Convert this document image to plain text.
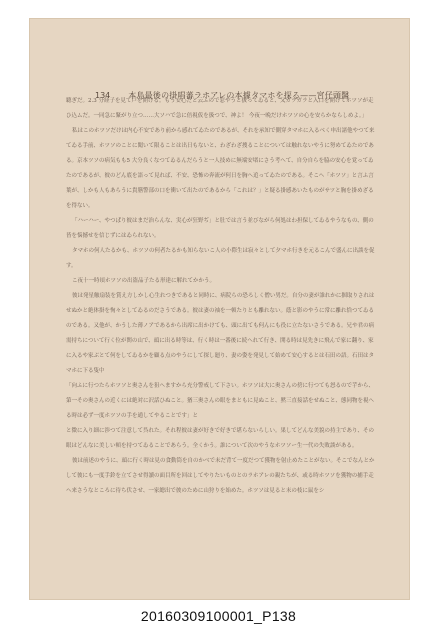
134 本島最後の掛唱蕃ラホアレの本據タマホを探る——宮仔頭醫

聽ぎだ。2.3 分経子を見て戸を開ける。もう安心だと云ふので窓やうと扱ってゐると、又ガラガラと入口を開けてホツソが走ひ込ムだ。一同急に緊がり立つ……大ソハで急に倍視仮を扱つで、神よ！ 今夜一晩だけホツソの心を安らかならしめよ。」

私はこのホツソだけは内心不安であり前から感れてゐたのであるが、それを承知で側穿タマホに入るべく申出諸他やつて来てゐる手前、ホツソのことに聞いて限ることは出日もないと、わざわざ捜ることについては触れないやうに努めてゐたのである。京本ツソの病気もも5 大分良くなつてゐるんだらうと一人技めに無端安堵にさう考へて、自分自らを脇の安心を覚ってゐたのであるが、彼のどん底を語って見れば、不安、恐怖の奔流が何日を胸へ追ってゐたのである。そこへ「ホツソ」と言ふ言葉が、しかも人もあらうに貴膳警部の口を衝いて出たのであるから「これは？」と疑る掛感あいたものがサツと胸を掛めざるを得ない。

「ハーハー、やつぱり彼はまだ治らんな、実心が狂野ぢ」と肚では言う並びながら何処はわ担保してゐるやうなもの、側の皆を悩撼せを信じずにはゐられない。

タマホの何人たるかも、ホツソの何者たるかも知らないこ人の小際生は寂々として夕マホ行きを元るこんで盛んに出談を促す。

こ夜十一時頃ホツソの出盗品子たる形達に解れてかかう。

彼は発星触扇装を賞え方しかし心生れつきであると同時に、病院らの恐ろしく僧い男だ。自分の妻が誰れかに掴取りされはせぬかと絶体掛を恂々としてゐるのださうである。彼は妻の袖を一頓たりとも離れない。蔭と影のやうに常に離れ恰つてゐるのである。又他が、かうした薄ノアであるから出席に出かけても、頭に出ても何んにも役に立たないさうである。兄や君の病需持ちについて行く位が関の山で、頭に出る時等は、行く時は一番後に続へれて行き、開る時は見先きに飛んで家に翻り、家に入るや家ぶとて何をしてゐるかを顧る点のやうにして探し廻り、妻の姿を発見して始めて安心するとは石田の語。石田はタマホに下る隻中

「向ふに行つたらホツソと奥さんを狙へますから充分警戒して下さい。ホツソは大に奥さんの傍に行つても怒るので芋から、第一その奥さんの近くには絶対に沢話ひぬこと。猶三奥さんの眼をまともに見ぬこと、黙三直接話をせぬこと、態同物を視へる時は必ず一度ホツソの手を通してやることです」と

と微に入り細に渉つて注意して呉れた。それ程彼は妻が好きで好きで堪らないらしい。果してどんな美貌の持主であり、その眼はどんなに美しい頓を持つてゐることであらう。全くかう。誰について次のやうなホツソー生一代の失敗談がある。

彼は前述のやうに、頭に行く時は見の食動筒を自のかべで未だ背て一度だつて獲物を射止めたことがない。そこでなんとかして彼にも一度手鈴を立てさせ得讀の面目所を回はしてやりたいものとのラホアレの親たちが、或る時ホツソを獲物の捕手走へ来さうなところに待ち伏させ、一家總出で彼のために山狩りを始めた。ホツソは見ると末の枝に鼠をシ

20160309100001_P138
